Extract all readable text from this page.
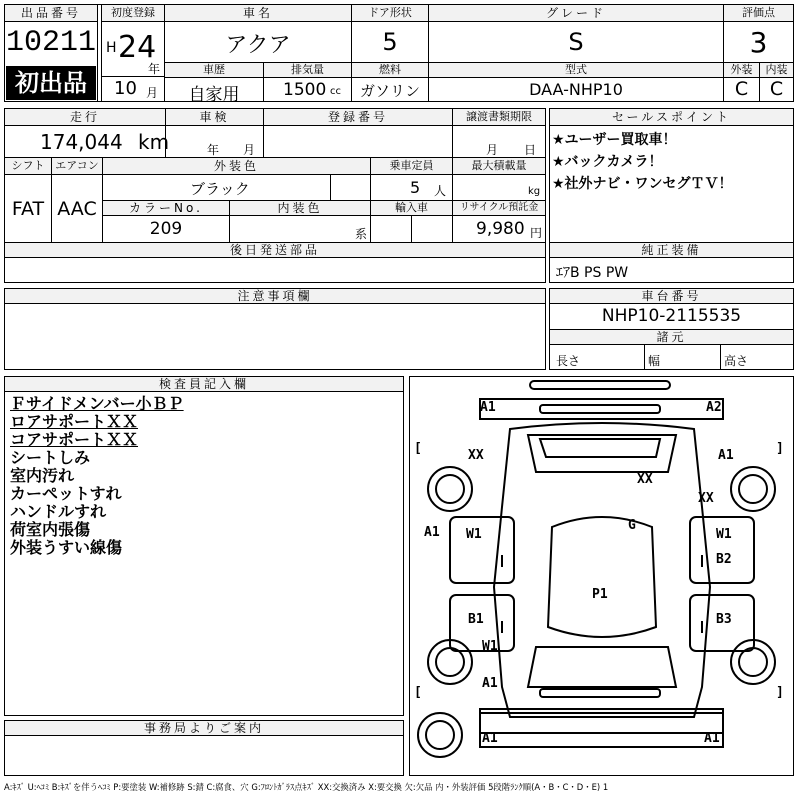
出品番号
10211
初出品
初度登録
H 24
年
10 月
車名
アクア
ドア形状
5
グレード
S
評価点
3
車歴
自家用
排気量
1500 cc
燃料
ガソリン
型式
DAA-NHP10
外装	内装
C	C
走行
174,044 km
車検
年 月
登録番号	譲渡書類期限
月 日
シフト
FAT
エアコン
AAC
外装色
ブラック
乗車定員
5 人
最大積載量
kg
カラーNo.
209
内装色
系
輸入車	リサイクル預託金
9,980 円
後日発送部品
セールスポイント
★ユーザー買取車！
★バックカメラ！
★社外ナビ・ワンセグＴＶ！
純正装備
ｴｱB PS PW
注意事項欄	車台番号
NHP10-2115535
諸元
長さ	幅	高さ
検査員記入欄
Ｆサイドメンバー小ＢＰ
ロアサポートＸＸ
コアサポートＸＸ
シートしみ
室内汚れ
カーペットすれ
ハンドルすれ
荷室内張傷
外装うすい線傷
事務局よりご案内
A1	A2
[	]
XX	A1
XX
XX
A1 W1
G
W1
B2
P1
B1	B3
W1
A1
[	]
A1	A1
A:ｷｽﾞ U:ﾍｺﾐ B:ｷｽﾞを伴うﾍｺﾐ P:要塗装 W:補修跡 S:錆 C:腐食、穴 G:ﾌﾛﾝﾄｶﾞﾗｽ点ｷｽﾞ XX:交換済み X:要交換 欠:欠品 内・外装評価 5段階ﾗﾝｸ順(A・B・C・D・E) 1
